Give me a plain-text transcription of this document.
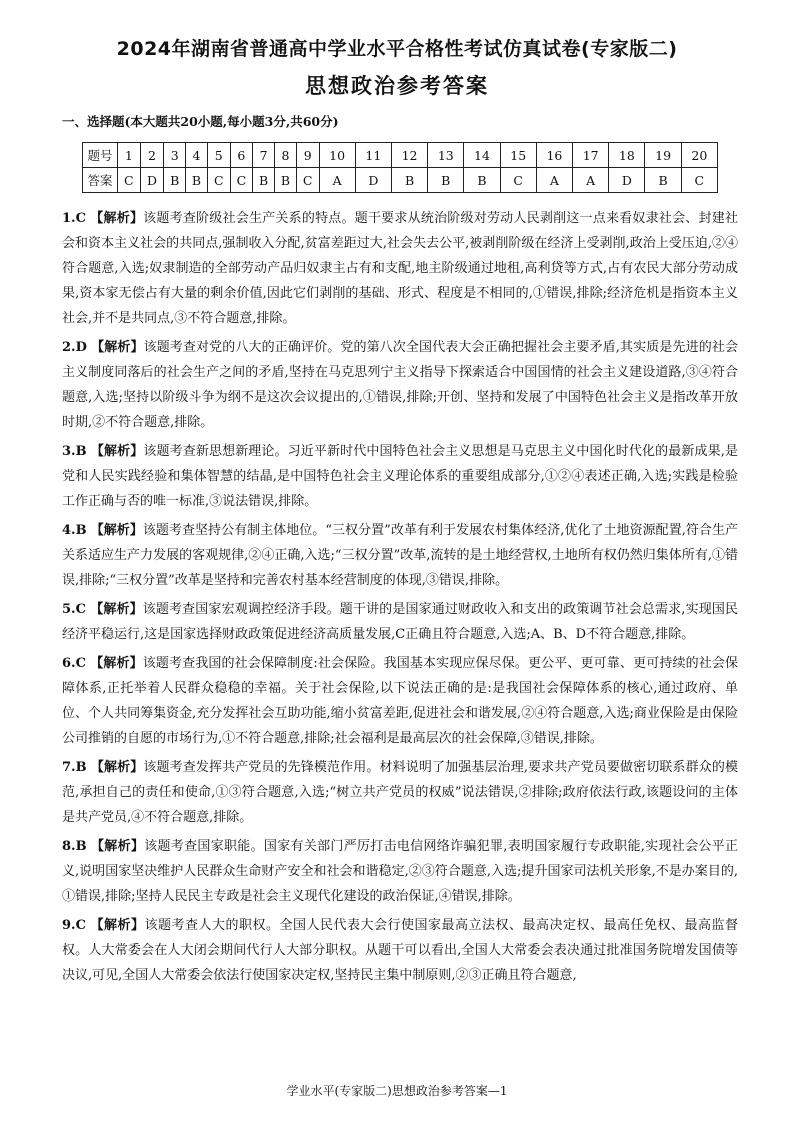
2024年湖南省普通高中学业水平合格性考试仿真试卷(专家版二)
思想政治参考答案
一、选择题(本大题共20小题,每小题3分,共60分)
题号	1	2	3	4	5	6	7	8	9	10	11	12	13	14	15	16	17	18	19	20
答案	C	D	B	B	C	C	B	B	C	A	D	B	B	B	C	A	A	D	B	C

1.C 【解析】该题考查阶级社会生产关系的特点。题干要求从统治阶级对劳动人民剥削这一点来看奴隶社会、封建社会和资本主义社会的共同点,强制收入分配,贫富差距过大,社会失去公平,被剥削阶级在经济上受剥削,政治上受压迫,②④符合题意,入选;奴隶制造的全部劳动产品归奴隶主占有和支配,地主阶级通过地租,高利贷等方式,占有农民大部分劳动成果,资本家无偿占有大量的剩余价值,因此它们剥削的基础、形式、程度是不相同的,①错误,排除;经济危机是指资本主义社会,并不是共同点,③不符合题意,排除。

2.D 【解析】该题考查对党的八大的正确评价。党的第八次全国代表大会正确把握社会主要矛盾,其实质是先进的社会主义制度同落后的社会生产之间的矛盾,坚持在马克思列宁主义指导下探索适合中国国情的社会主义建设道路,③④符合题意,入选;坚持以阶级斗争为纲不是这次会议提出的,①错误,排除;开创、坚持和发展了中国特色社会主义是指改革开放时期,②不符合题意,排除。

3.B 【解析】该题考查新思想新理论。习近平新时代中国特色社会主义思想是马克思主义中国化时代化的最新成果,是党和人民实践经验和集体智慧的结晶,是中国特色社会主义理论体系的重要组成部分,①②④表述正确,入选;实践是检验工作正确与否的唯一标准,③说法错误,排除。

4.B 【解析】该题考查坚持公有制主体地位。“三权分置”改革有利于发展农村集体经济,优化了土地资源配置,符合生产关系适应生产力发展的客观规律,②④正确,入选;“三权分置”改革,流转的是土地经营权,土地所有权仍然归集体所有,①错误,排除;“三权分置”改革是坚持和完善农村基本经营制度的体现,③错误,排除。

5.C 【解析】该题考查国家宏观调控经济手段。题干讲的是国家通过财政收入和支出的政策调节社会总需求,实现国民经济平稳运行,这是国家选择财政政策促进经济高质量发展,C正确且符合题意,入选;A、B、D不符合题意,排除。

6.C 【解析】该题考查我国的社会保障制度:社会保险。我国基本实现应保尽保。更公平、更可靠、更可持续的社会保障体系,正托举着人民群众稳稳的幸福。关于社会保险,以下说法正确的是:是我国社会保障体系的核心,通过政府、单位、个人共同筹集资金,充分发挥社会互助功能,缩小贫富差距,促进社会和谐发展,②④符合题意,入选;商业保险是由保险公司推销的自愿的市场行为,①不符合题意,排除;社会福利是最高层次的社会保障,③错误,排除。

7.B 【解析】该题考查发挥共产党员的先锋模范作用。材料说明了加强基层治理,要求共产党员要做密切联系群众的模范,承担自己的责任和使命,①③符合题意,入选;“树立共产党员的权威”说法错误,②排除;政府依法行政,该题设问的主体是共产党员,④不符合题意,排除。

8.B 【解析】该题考查国家职能。国家有关部门严厉打击电信网络诈骗犯罪,表明国家履行专政职能,实现社会公平正义,说明国家坚决维护人民群众生命财产安全和社会和谐稳定,②③符合题意,入选;提升国家司法机关形象,不是办案目的,①错误,排除;坚持人民民主专政是社会主义现代化建设的政治保证,④错误,排除。

9.C 【解析】该题考查人大的职权。全国人民代表大会行使国家最高立法权、最高决定权、最高任免权、最高监督权。人大常委会在人大闭会期间代行人大部分职权。从题干可以看出,全国人大常委会表决通过批准国务院增发国债等决议,可见,全国人大常委会依法行使国家决定权,坚持民主集中制原则,②③正确且符合题意,

学业水平(专家版二)思想政治参考答案—1
